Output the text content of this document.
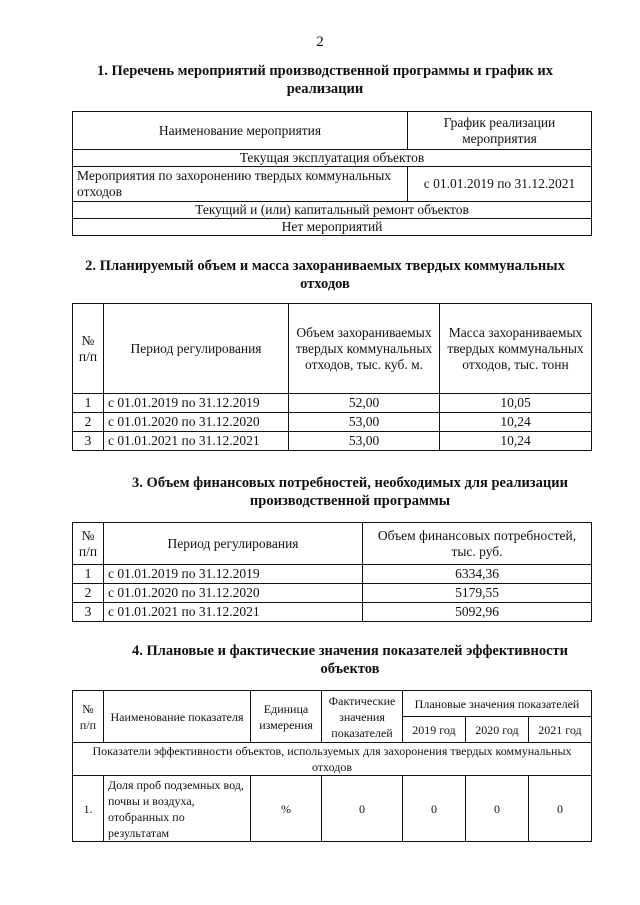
2
1. Перечень мероприятий производственной программы и график их
реализации
Наименование мероприятия	График реализации мероприятия
Текущая эксплуатация объектов	
Мероприятия по захоронению твердых коммунальных отходов	с 01.01.2019 по 31.12.2021
Текущий и (или) капитальный ремонт объектов	
Нет мероприятий	
2. Планируемый объем и масса захораниваемых твердых коммунальных
отходов
№ п/п	Период регулирования	Объем захораниваемых твердых коммунальных отходов, тыс. куб. м.	Масса захораниваемых твердых коммунальных отходов, тыс. тонн
1	с 01.01.2019 по 31.12.2019	52,00	10,05
2	с 01.01.2020 по 31.12.2020	53,00	10,24
3	с 01.01.2021 по 31.12.2021	53,00	10,24
3. Объем финансовых потребностей, необходимых для реализации
производственной программы
№ п/п	Период регулирования	Объем финансовых потребностей, тыс. руб.
1	с 01.01.2019 по 31.12.2019	6334,36
2	с 01.01.2020 по 31.12.2020	5179,55
3	с 01.01.2021 по 31.12.2021	5092,96
4. Плановые и фактические значения показателей эффективности
объектов
№ п/п	Наименование показателя	Единица измерения	Фактические значения показателей	Плановые значения показателей		
				2019 год	2020 год	2021 год
Показатели эффективности объектов, используемых для захоронения твердых коммунальных отходов						
1.	Доля проб подземных вод, почвы и воздуха, отобранных по результатам	%	0	0	0	0
